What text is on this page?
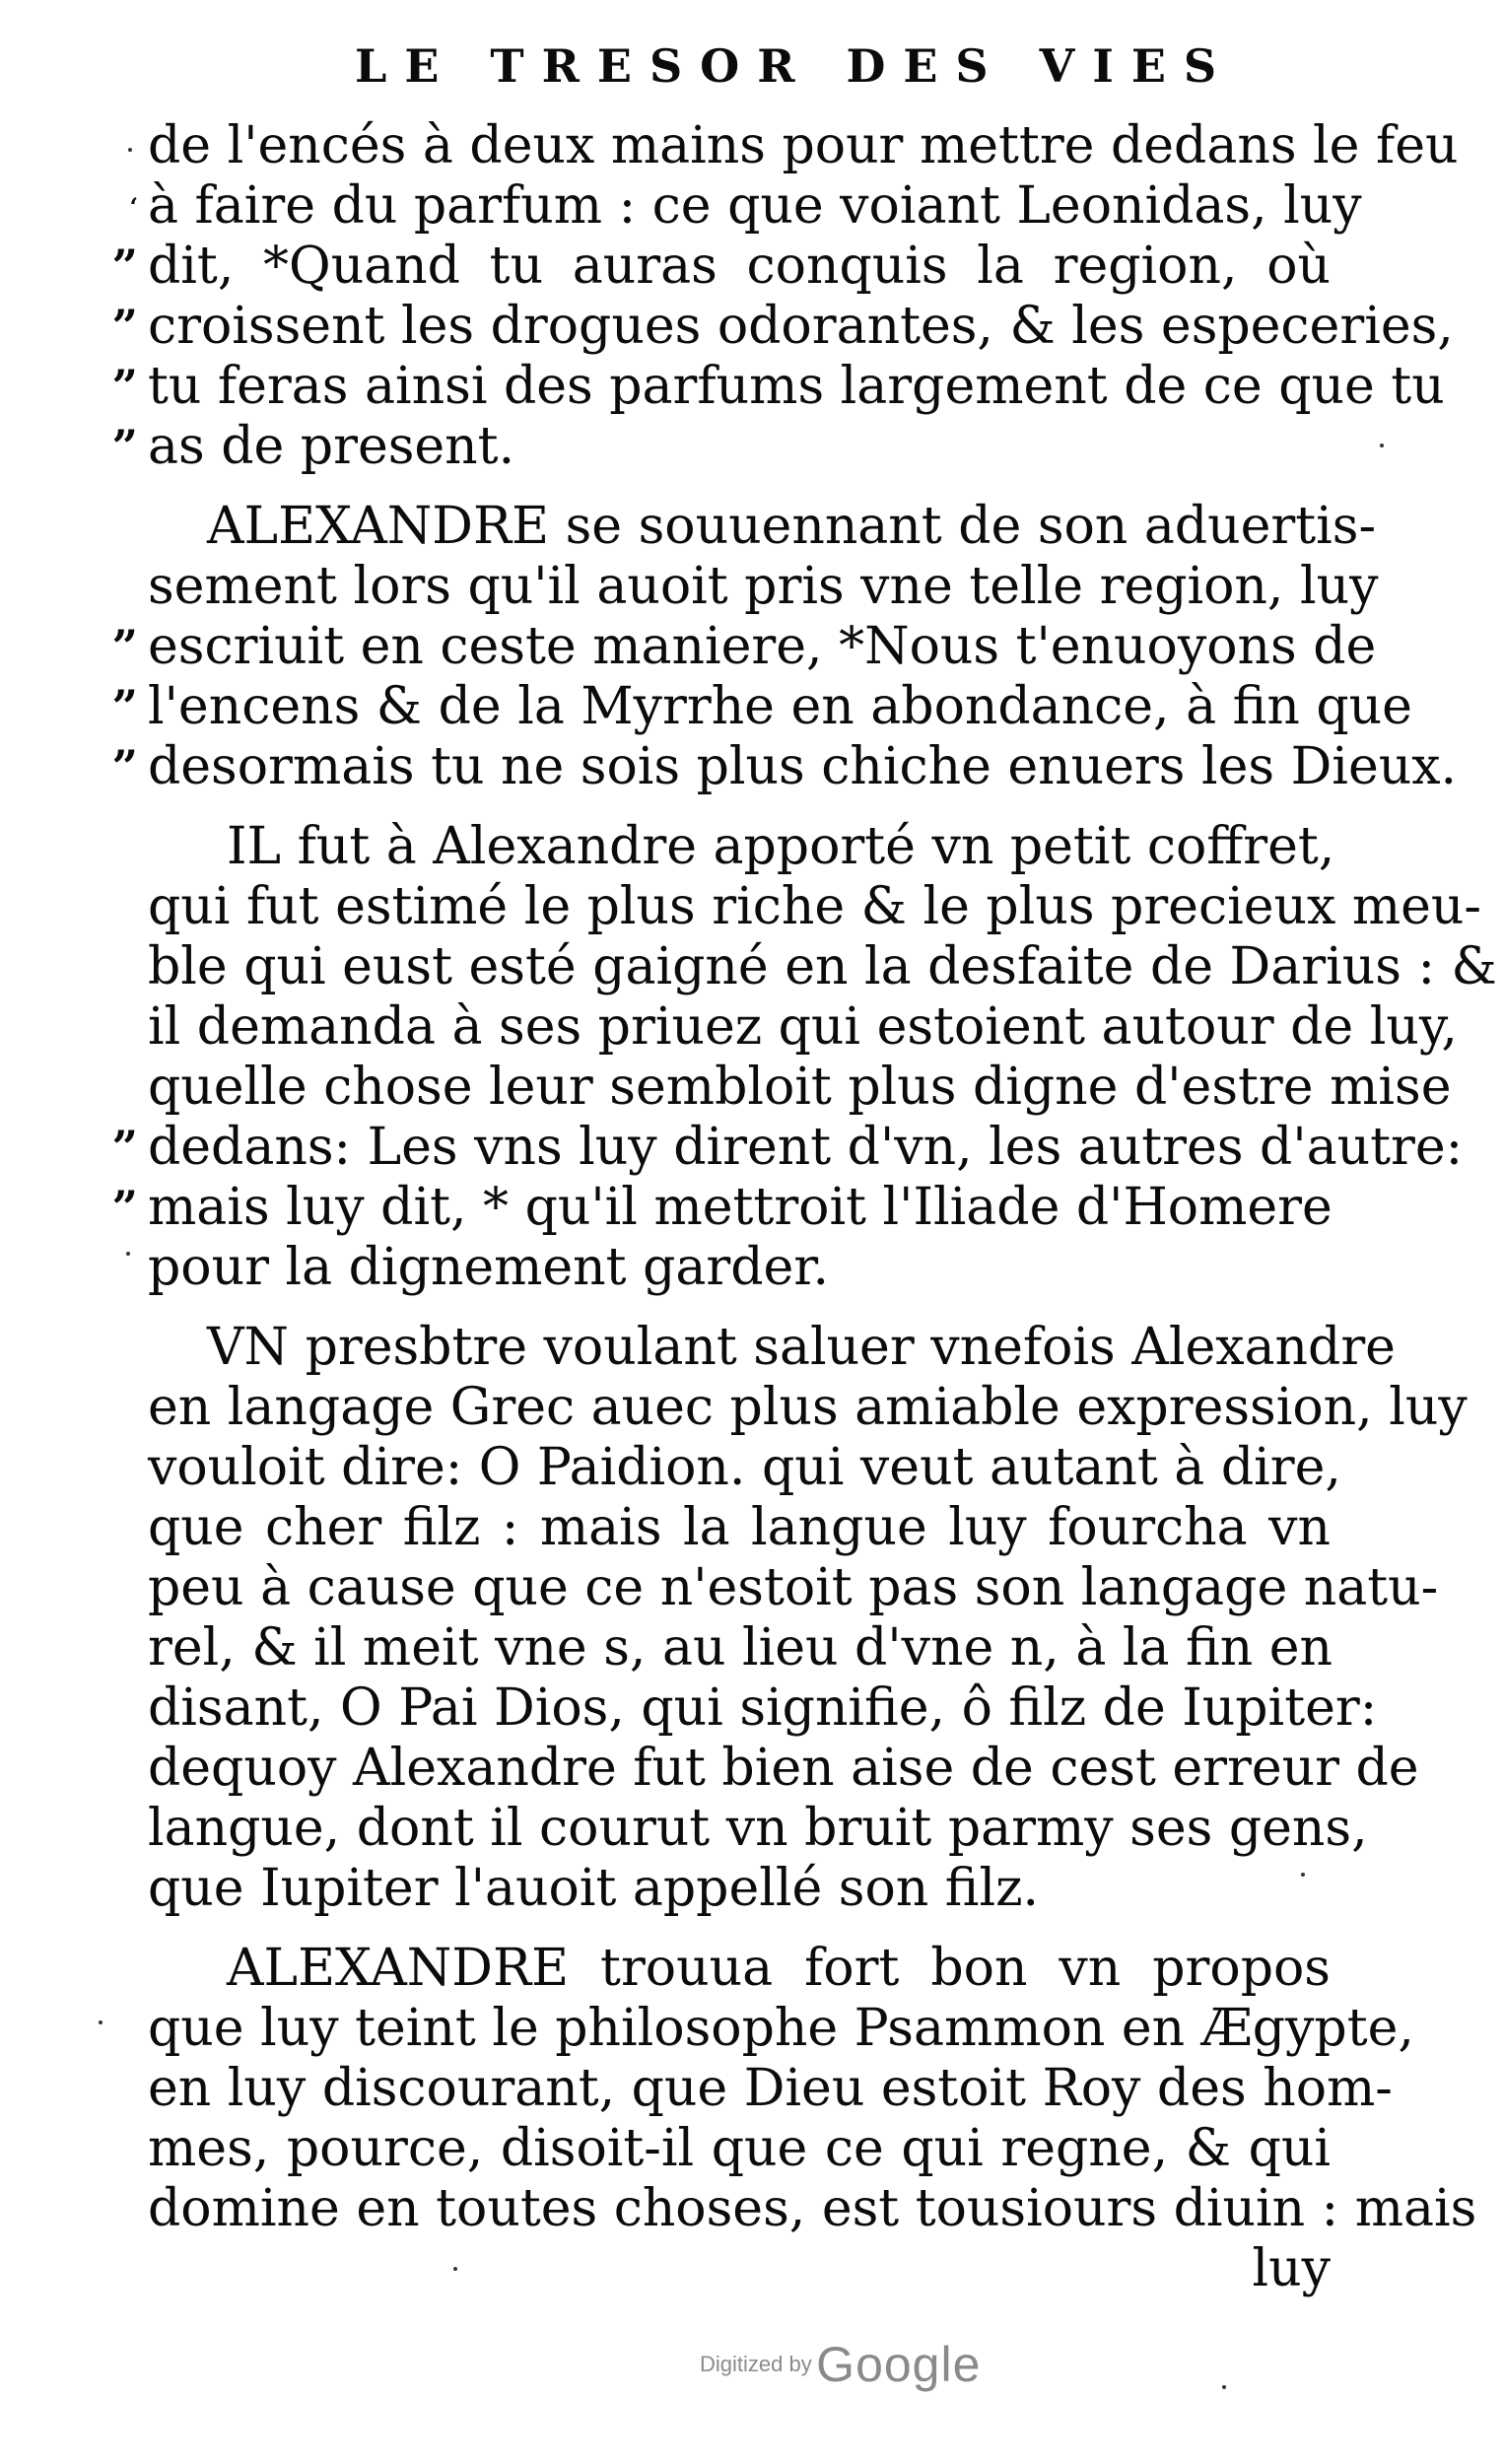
LE TRESOR DES VIES
ʻ
”
”
”
”
”
”
”
”
”
de l'encés à deux mains pour mettre dedans le feu
à faire du parfum : ce que voiant Leonidas, luy
dit, *Quand tu auras conquis la region, où
croissent les drogues odorantes, & les especeries,
tu feras ainsi des parfums largement de ce que tu
as de present.
ALEXANDRE se souuennant de son aduertis-
sement lors qu'il auoit pris vne telle region, luy
escriuit en ceste maniere, *Nous t'enuoyons de
l'encens & de la Myrrhe en abondance, à fin que
desormais tu ne sois plus chiche enuers les Dieux.
IL fut à Alexandre apporté vn petit coffret,
qui fut estimé le plus riche & le plus precieux meu-
ble qui eust esté gaigné en la desfaite de Darius : &
il demanda à ses priuez qui estoient autour de luy,
quelle chose leur sembloit plus digne d'estre mise
dedans: Les vns luy dirent d'vn, les autres d'autre:
mais luy dit, * qu'il mettroit l'Iliade d'Homere
pour la dignement garder.
VN presbtre voulant saluer vnefois Alexandre
en langage Grec auec plus amiable expression, luy
vouloit dire: O Paidion. qui veut autant à dire,
que cher filz : mais la langue luy fourcha vn
peu à cause que ce n'estoit pas son langage natu-
rel, & il meit vne s, au lieu d'vne n, à la fin en
disant, O Pai Dios, qui signifie, ô filz de Iupiter:
dequoy Alexandre fut bien aise de cest erreur de
langue, dont il courut vn bruit parmy ses gens,
que Iupiter l'auoit appellé son filz.
ALEXANDRE trouua fort bon vn propos
que luy teint le philosophe Psammon en Ægypte,
en luy discourant, que Dieu estoit Roy des hom-
mes, pource, disoit-il que ce qui regne, & qui
domine en toutes choses, est tousiours diuin : mais
luy
Digitized by Google
